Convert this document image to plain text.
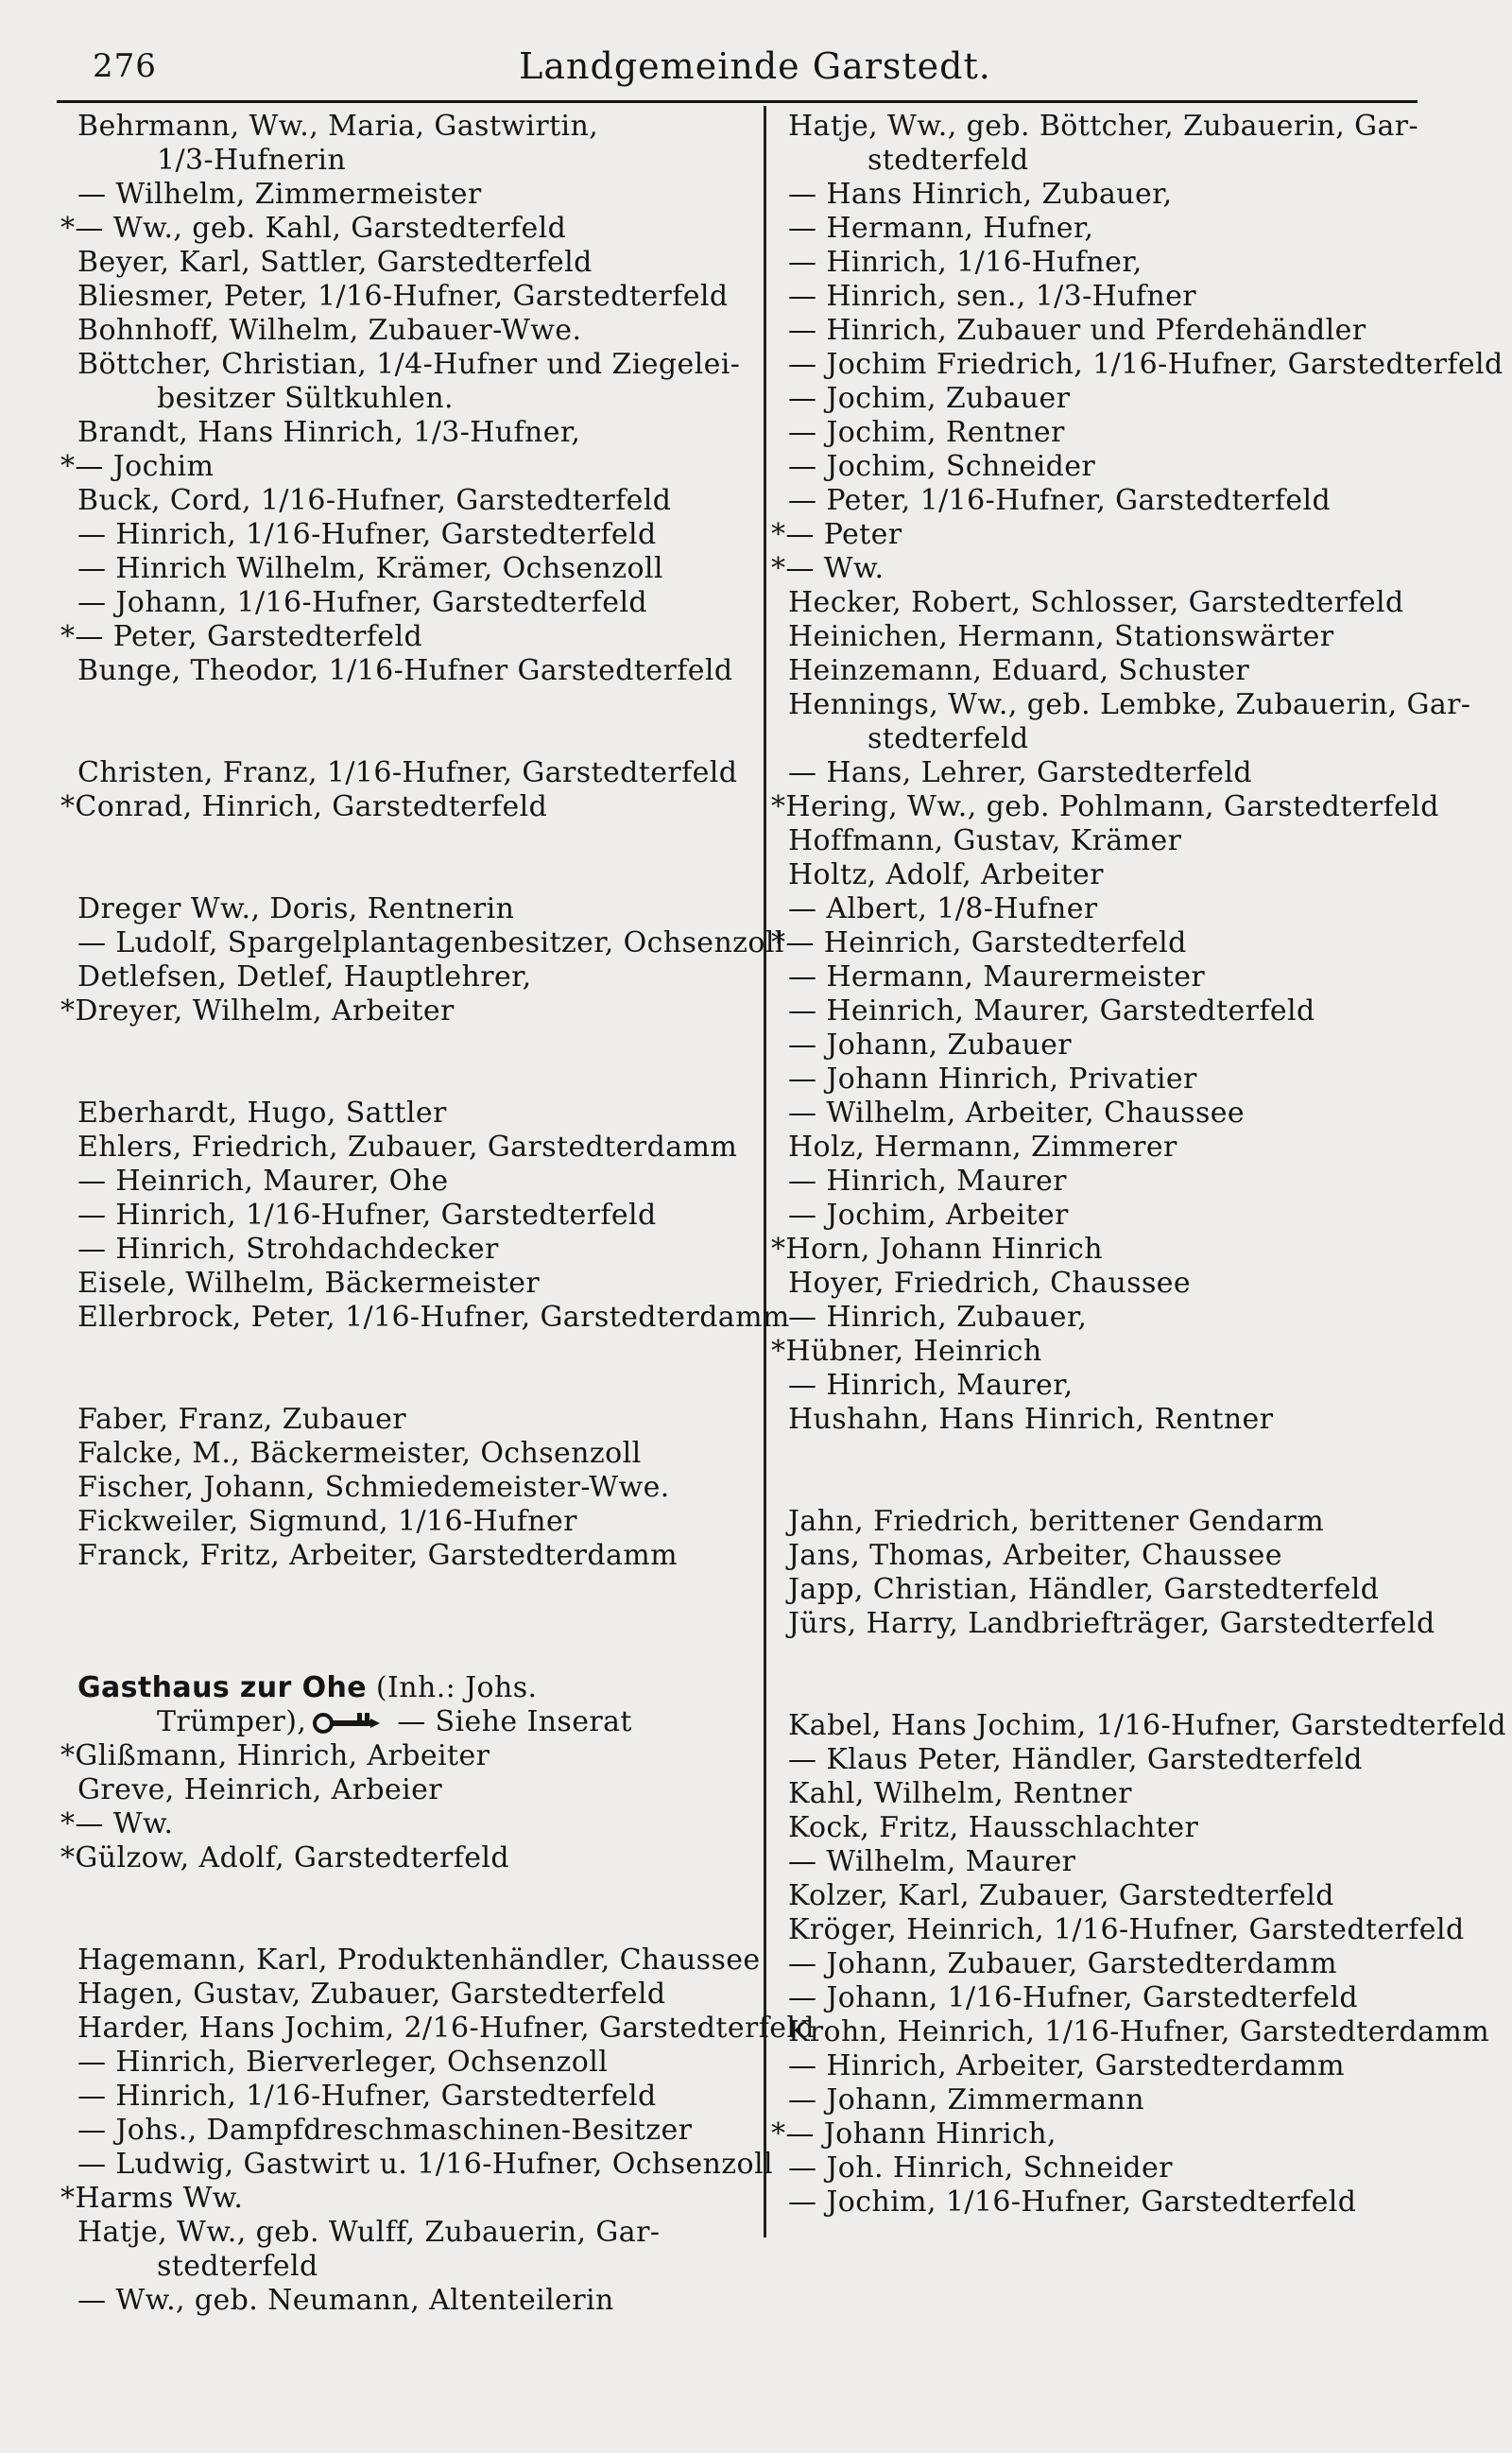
276	Landgemeinde Garstedt.
Behrmann, Ww., Maria, Gastwirtin,
1/3-Hufnerin
— Wilhelm, Zimmermeister
*— Ww., geb. Kahl, Garstedterfeld
Beyer, Karl, Sattler, Garstedterfeld
Bliesmer, Peter, 1/16-Hufner, Garstedterfeld
Bohnhoff, Wilhelm, Zubauer-Wwe.
Böttcher, Christian, 1/4-Hufner und Ziegelei-
besitzer Sültkuhlen.
Brandt, Hans Hinrich, 1/3-Hufner,
*— Jochim
Buck, Cord, 1/16-Hufner, Garstedterfeld
— Hinrich, 1/16-Hufner, Garstedterfeld
— Hinrich Wilhelm, Krämer, Ochsenzoll
— Johann, 1/16-Hufner, Garstedterfeld
*— Peter, Garstedterfeld
Bunge, Theodor, 1/16-Hufner Garstedterfeld
Christen, Franz, 1/16-Hufner, Garstedterfeld
*Conrad, Hinrich, Garstedterfeld
Dreger Ww., Doris, Rentnerin
— Ludolf, Spargelplantagenbesitzer, Ochsenzoll
Detlefsen, Detlef, Hauptlehrer,
*Dreyer, Wilhelm, Arbeiter
Eberhardt, Hugo, Sattler
Ehlers, Friedrich, Zubauer, Garstedterdamm
— Heinrich, Maurer, Ohe
— Hinrich, 1/16-Hufner, Garstedterfeld
— Hinrich, Strohdachdecker
Eisele, Wilhelm, Bäckermeister
Ellerbrock, Peter, 1/16-Hufner, Garstedterdamm
Faber, Franz, Zubauer
Falcke, M., Bäckermeister, Ochsenzoll
Fischer, Johann, Schmiedemeister-Wwe.
Fickweiler, Sigmund, 1/16-Hufner
Franck, Fritz, Arbeiter, Garstedterdamm
Gasthaus zur Ohe (Inh.: Johs.
Trümper),	— Siehe Inserat
*Glißmann, Hinrich, Arbeiter
Greve, Heinrich, Arbeier
*— Ww.
*Gülzow, Adolf, Garstedterfeld
Hagemann, Karl, Produktenhändler, Chaussee
Hagen, Gustav, Zubauer, Garstedterfeld
Harder, Hans Jochim, 2/16-Hufner, Garstedterfeld
— Hinrich, Bierverleger, Ochsenzoll
— Hinrich, 1/16-Hufner, Garstedterfeld
— Johs., Dampfdreschmaschinen-Besitzer
— Ludwig, Gastwirt u. 1/16-Hufner, Ochsenzoll
*Harms Ww.
Hatje, Ww., geb. Wulff, Zubauerin, Gar-
stedterfeld
— Ww., geb. Neumann, Altenteilerin
Hatje, Ww., geb. Böttcher, Zubauerin, Gar-
stedterfeld
— Hans Hinrich, Zubauer,
— Hermann, Hufner,
— Hinrich, 1/16-Hufner,
— Hinrich, sen., 1/3-Hufner
— Hinrich, Zubauer und Pferdehändler
— Jochim Friedrich, 1/16-Hufner, Garstedterfeld
— Jochim, Zubauer
— Jochim, Rentner
— Jochim, Schneider
— Peter, 1/16-Hufner, Garstedterfeld
*— Peter
*— Ww.
Hecker, Robert, Schlosser, Garstedterfeld
Heinichen, Hermann, Stationswärter
Heinzemann, Eduard, Schuster
Hennings, Ww., geb. Lembke, Zubauerin, Gar-
stedterfeld
— Hans, Lehrer, Garstedterfeld
*Hering, Ww., geb. Pohlmann, Garstedterfeld
Hoffmann, Gustav, Krämer
Holtz, Adolf, Arbeiter
— Albert, 1/8-Hufner
*— Heinrich, Garstedterfeld
— Hermann, Maurermeister
— Heinrich, Maurer, Garstedterfeld
— Johann, Zubauer
— Johann Hinrich, Privatier
— Wilhelm, Arbeiter, Chaussee
Holz, Hermann, Zimmerer
— Hinrich, Maurer
— Jochim, Arbeiter
*Horn, Johann Hinrich
Hoyer, Friedrich, Chaussee
— Hinrich, Zubauer,
*Hübner, Heinrich
— Hinrich, Maurer,
Hushahn, Hans Hinrich, Rentner
Jahn, Friedrich, berittener Gendarm
Jans, Thomas, Arbeiter, Chaussee
Japp, Christian, Händler, Garstedterfeld
Jürs, Harry, Landbriefträger, Garstedterfeld
Kabel, Hans Jochim, 1/16-Hufner, Garstedterfeld
— Klaus Peter, Händler, Garstedterfeld
Kahl, Wilhelm, Rentner
Kock, Fritz, Hausschlachter
— Wilhelm, Maurer
Kolzer, Karl, Zubauer, Garstedterfeld
Kröger, Heinrich, 1/16-Hufner, Garstedterfeld
— Johann, Zubauer, Garstedterdamm
— Johann, 1/16-Hufner, Garstedterfeld
Krohn, Heinrich, 1/16-Hufner, Garstedterdamm
— Hinrich, Arbeiter, Garstedterdamm
— Johann, Zimmermann
*— Johann Hinrich,
— Joh. Hinrich, Schneider
— Jochim, 1/16-Hufner, Garstedterfeld
